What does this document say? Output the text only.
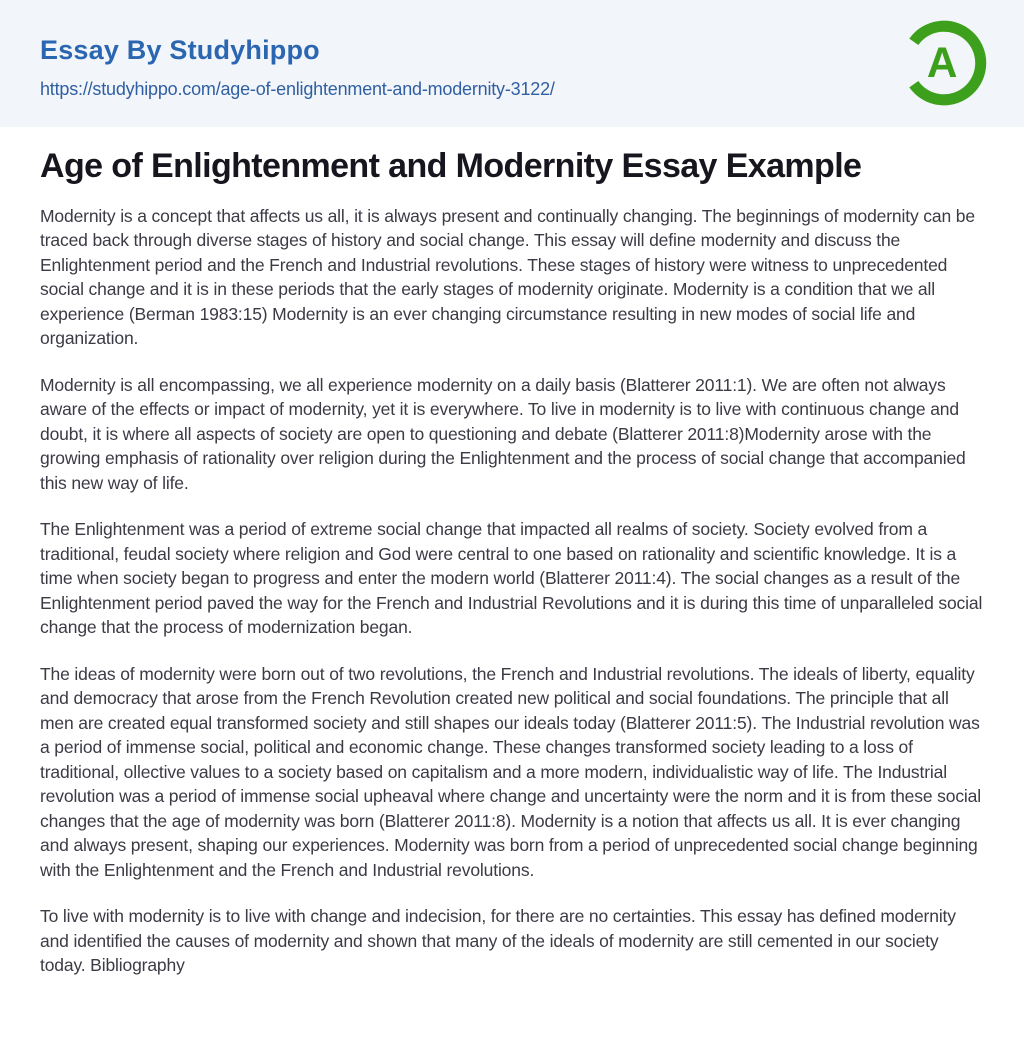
Essay By Studyhippo
https://studyhippo.com/age-of-enlightenment-and-modernity-3122/
A
Age of Enlightenment and Modernity Essay Example

Modernity is a concept that affects us all, it is always present and continually changing. The beginnings of modernity can be traced back through diverse stages of history and social change. This essay will define modernity and discuss the Enlightenment period and the French and Industrial revolutions. These stages of history were witness to unprecedented social change and it is in these periods that the early stages of modernity originate. Modernity is a condition that we all experience (Berman 1983:15) Modernity is an ever changing circumstance resulting in new modes of social life and organization.

Modernity is all encompassing, we all experience modernity on a daily basis (Blatterer 2011:1). We are often not always aware of the effects or impact of modernity, yet it is everywhere. To live in modernity is to live with continuous change and doubt, it is where all aspects of society are open to questioning and debate (Blatterer 2011:8)Modernity arose with the growing emphasis of rationality over religion during the Enlightenment and the process of social change that accompanied this new way of life.

The Enlightenment was a period of extreme social change that impacted all realms of society. Society evolved from a traditional, feudal society where religion and God were central to one based on rationality and scientific knowledge. It is a time when society began to progress and enter the modern world (Blatterer 2011:4). The social changes as a result of the Enlightenment period paved the way for the French and Industrial Revolutions and it is during this time of unparalleled social change that the process of modernization began.

The ideas of modernity were born out of two revolutions, the French and Industrial revolutions. The ideals of liberty, equality and democracy that arose from the French Revolution created new political and social foundations. The principle that all men are created equal transformed society and still shapes our ideals today (Blatterer 2011:5). The Industrial revolution was a period of immense social, political and economic change. These changes transformed society leading to a loss of traditional, ollective values to a society based on capitalism and a more modern, individualistic way of life. The Industrial revolution was a period of immense social upheaval where change and uncertainty were the norm and it is from these social changes that the age of modernity was born (Blatterer 2011:8). Modernity is a notion that affects us all. It is ever changing and always present, shaping our experiences. Modernity was born from a period of unprecedented social change beginning with the Enlightenment and the French and Industrial revolutions.

To live with modernity is to live with change and indecision, for there are no certainties. This essay has defined modernity and identified the causes of modernity and shown that many of the ideals of modernity are still cemented in our society today. Bibliography
